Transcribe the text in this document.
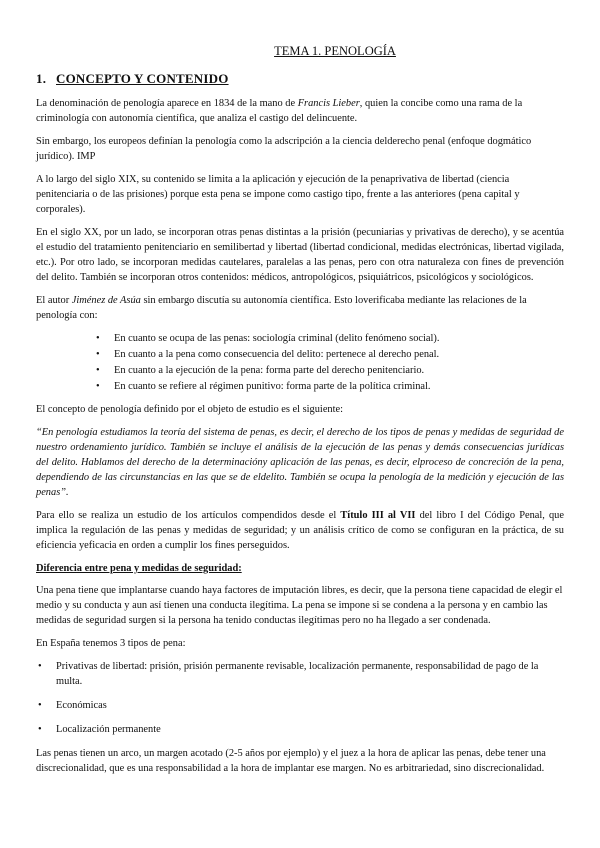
TEMA 1. PENOLOGÍA
1. CONCEPTO Y CONTENIDO

La denominación de penología aparece en 1834 de la mano de Francis Lieber, quien la concibe como una rama de la criminología con autonomía científica, que analiza el castigo del delincuente.

Sin embargo, los europeos definían la penología como la adscripción a la ciencia delderecho penal (enfoque dogmático jurídico). IMP

A lo largo del siglo XIX, su contenido se limita a la aplicación y ejecución de la penaprivativa de libertad (ciencia penitenciaria o de las prisiones) porque esta pena se impone como castigo tipo, frente a las anteriores (pena capital y corporales).

En el siglo XX, por un lado, se incorporan otras penas distintas a la prisión (pecuniarias y privativas de derecho), y se acentúa el estudio del tratamiento penitenciario en semilibertad y libertad (libertad condicional, medidas electrónicas, libertad vigilada, etc.). Por otro lado, se incorporan medidas cautelares, paralelas a las penas, pero con otra naturaleza con fines de prevención del delito. También se incorporan otros contenidos: médicos, antropológicos, psiquiátricos, psicológicos y sociológicos.

El autor Jiménez de Asúa sin embargo discutía su autonomía científica. Esto loverificaba mediante las relaciones de la penología con:

• En cuanto se ocupa de las penas: sociología criminal (delito fenómeno social).
• En cuanto a la pena como consecuencia del delito: pertenece al derecho penal.
• En cuanto a la ejecución de la pena: forma parte del derecho penitenciario.
• En cuanto se refiere al régimen punitivo: forma parte de la política criminal.

El concepto de penología definido por el objeto de estudio es el siguiente:

“En penología estudiamos la teoría del sistema de penas, es decir, el derecho de los tipos de penas y medidas de seguridad de nuestro ordenamiento jurídico. También se incluye el análisis de la ejecución de las penas y demás consecuencias jurídicas del delito. Hablamos del derecho de la determinacióny aplicación de las penas, es decir, elproceso de concreción de la pena, dependiendo de las circunstancias en las que se de eldelito. También se ocupa la penología de la medición y ejecución de las penas”.

Para ello se realiza un estudio de los artículos compendidos desde el Título III al VII del libro I del Código Penal, que implica la regulación de las penas y medidas de seguridad; y un análisis crítico de como se configuran en la práctica, de su eficiencia yeficacia en orden a cumplir los fines perseguidos.

Diferencia entre pena y medidas de seguridad:

Una pena tiene que implantarse cuando haya factores de imputación libres, es decir, que la persona tiene capacidad de elegir el medio y su conducta y aun así tienen una conducta ilegítima. La pena se impone si se condena a la persona y en cambio las medidas de seguridad surgen si la persona ha tenido conductas ilegítimas pero no ha llegado a ser condenada.

En España tenemos 3 tipos de pena:

• Privativas de libertad: prisión, prisión permanente revisable, localización permanente, responsabilidad de pago de la multa.
• Económicas
• Localización permanente

Las penas tienen un arco, un margen acotado (2-5 años por ejemplo) y el juez a la hora de aplicar las penas, debe tener una discrecionalidad, que es una responsabilidad a la hora de implantar ese margen. No es arbitrariedad, sino discrecionalidad.
